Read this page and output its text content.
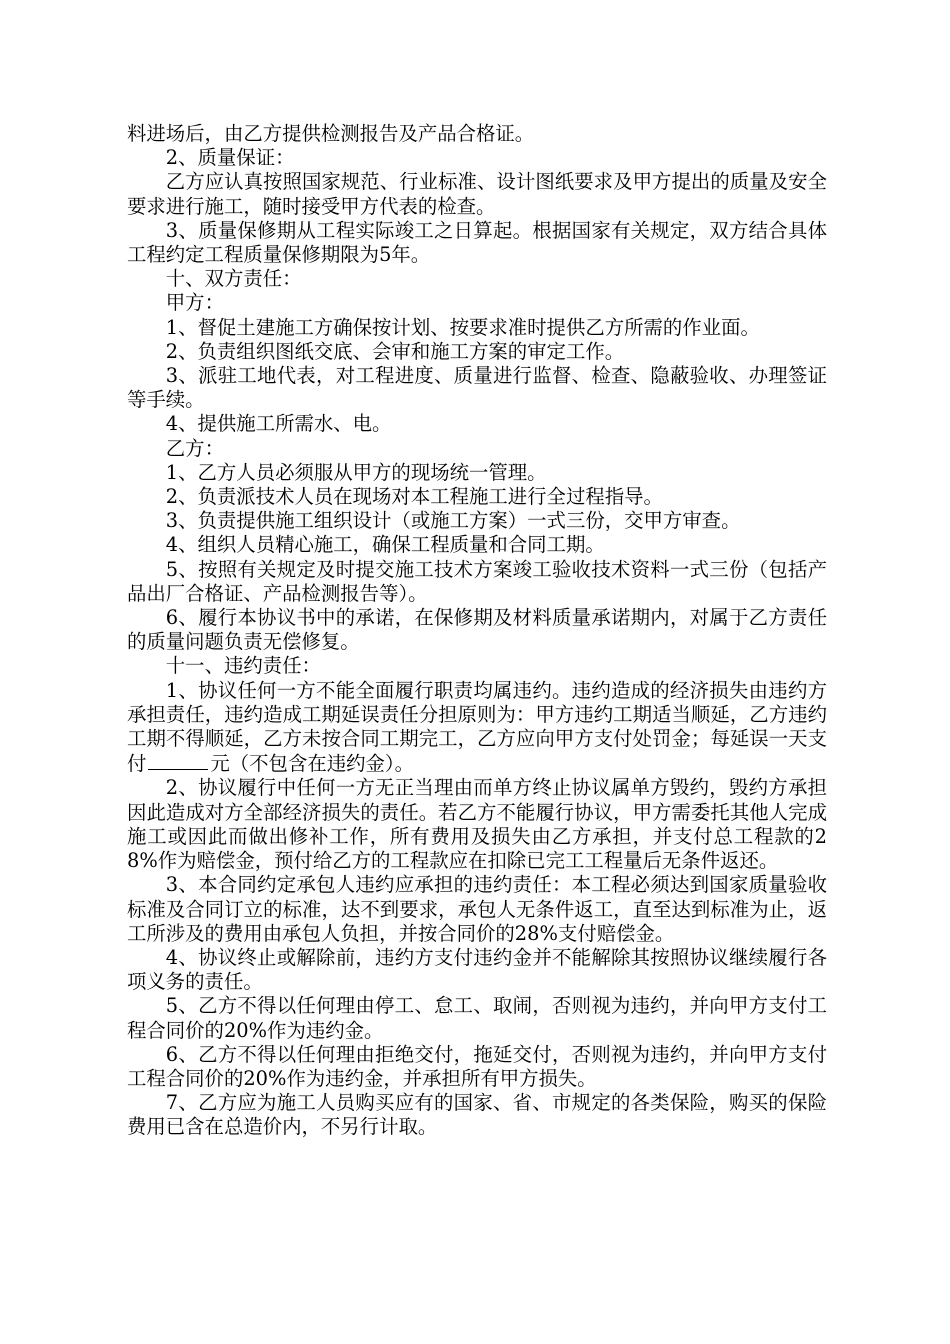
料进场后，由乙方提供检测报告及产品合格证。

2、质量保证：

乙方应认真按照国家规范、行业标准、设计图纸要求及甲方提出的质量及安全要求进行施工，随时接受甲方代表的检查。

3、质量保修期从工程实际竣工之日算起。根据国家有关规定，双方结合具体工程约定工程质量保修期限为5年。

十、双方责任：

甲方：

1、督促土建施工方确保按计划、按要求准时提供乙方所需的作业面。

2、负责组织图纸交底、会审和施工方案的审定工作。

3、派驻工地代表，对工程进度、质量进行监督、检查、隐蔽验收、办理签证等手续。

4、提供施工所需水、电。

乙方：

1、乙方人员必须服从甲方的现场统一管理。

2、负责派技术人员在现场对本工程施工进行全过程指导。

3、负责提供施工组织设计（或施工方案）一式三份，交甲方审查。

4、组织人员精心施工，确保工程质量和合同工期。

5、按照有关规定及时提交施工技术方案竣工验收技术资料一式三份（包括产品出厂合格证、产品检测报告等）。

6、履行本协议书中的承诺，在保修期及材料质量承诺期内，对属于乙方责任的质量问题负责无偿修复。

十一、违约责任：

1、协议任何一方不能全面履行职责均属违约。违约造成的经济损失由违约方承担责任，违约造成工期延误责任分担原则为：甲方违约工期适当顺延，乙方违约工期不得顺延，乙方未按合同工期完工，乙方应向甲方支付处罚金；每延误一天支付	元（不包含在违约金）。

2、协议履行中任何一方无正当理由而单方终止协议属单方毁约，毁约方承担因此造成对方全部经济损失的责任。若乙方不能履行协议，甲方需委托其他人完成施工或因此而做出修补工作，所有费用及损失由乙方承担，并支付总工程款的28%作为赔偿金，预付给乙方的工程款应在扣除已完工工程量后无条件返还。

3、本合同约定承包人违约应承担的违约责任：本工程必须达到国家质量验收标准及合同订立的标准，达不到要求，承包人无条件返工，直至达到标准为止，返工所涉及的费用由承包人负担，并按合同价的28%支付赔偿金。

4、协议终止或解除前，违约方支付违约金并不能解除其按照协议继续履行各项义务的责任。

5、乙方不得以任何理由停工、怠工、取闹，否则视为违约，并向甲方支付工程合同价的20%作为违约金。

6、乙方不得以任何理由拒绝交付，拖延交付，否则视为违约，并向甲方支付工程合同价的20%作为违约金，并承担所有甲方损失。

7、乙方应为施工人员购买应有的国家、省、市规定的各类保险，购买的保险费用已含在总造价内，不另行计取。
